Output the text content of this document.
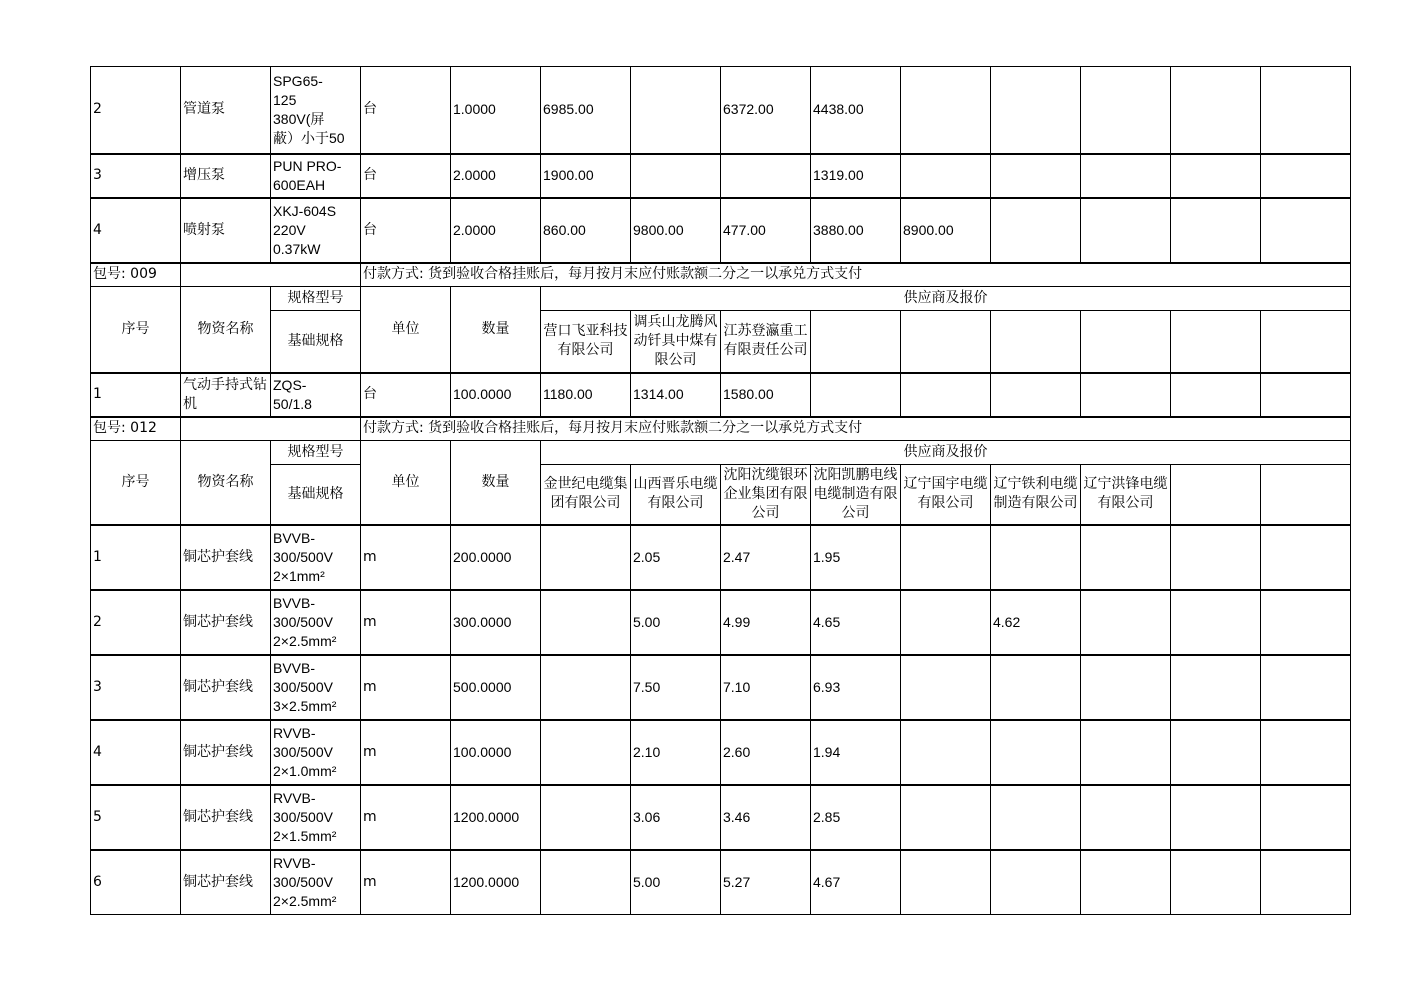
2	管道泵	SPG65-
125
380V(屏
蔽）小于50	台	1.0000	6985.00		6372.00	4438.00					
3	增压泵	PUN PRO-
600EAH	台	2.0000	1900.00			1319.00					
4	喷射泵	XKJ-604S
220V
0.37kW	台	2.0000	860.00	9800.00	477.00	3880.00	8900.00				
包号: 009			付款方式: 货到验收合格挂账后，每月按月末应付账款额二分之一以承兑方式支付										
序号	物资名称	规格型号	单位	数量	供应商及报价								
		基础规格			营口飞亚科技有限公司	调兵山龙腾风动钎具中煤有限公司	江苏登瀛重工有限责任公司						
1	气动手持式钻机	ZQS-
50/1.8	台	100.0000	1180.00	1314.00	1580.00						
包号: 012			付款方式: 货到验收合格挂账后，每月按月末应付账款额二分之一以承兑方式支付										
序号	物资名称	规格型号	单位	数量	供应商及报价								
		基础规格			金世纪电缆集团有限公司	山西晋乐电缆有限公司	沈阳沈缆银环企业集团有限公司	沈阳凯鹏电线电缆制造有限公司	辽宁国宇电缆有限公司	辽宁铁利电缆制造有限公司	辽宁洪锋电缆有限公司		
1	铜芯护套线	BVVB-
300/500V
2×1mm²	m	200.0000		2.05	2.47	1.95					
2	铜芯护套线	BVVB-
300/500V
2×2.5mm²	m	300.0000		5.00	4.99	4.65		4.62			
3	铜芯护套线	BVVB-
300/500V
3×2.5mm²	m	500.0000		7.50	7.10	6.93					
4	铜芯护套线	RVVB-
300/500V
2×1.0mm²	m	100.0000		2.10	2.60	1.94					
5	铜芯护套线	RVVB-
300/500V
2×1.5mm²	m	1200.0000		3.06	3.46	2.85					
6	铜芯护套线	RVVB-
300/500V
2×2.5mm²	m	1200.0000		5.00	5.27	4.67					
